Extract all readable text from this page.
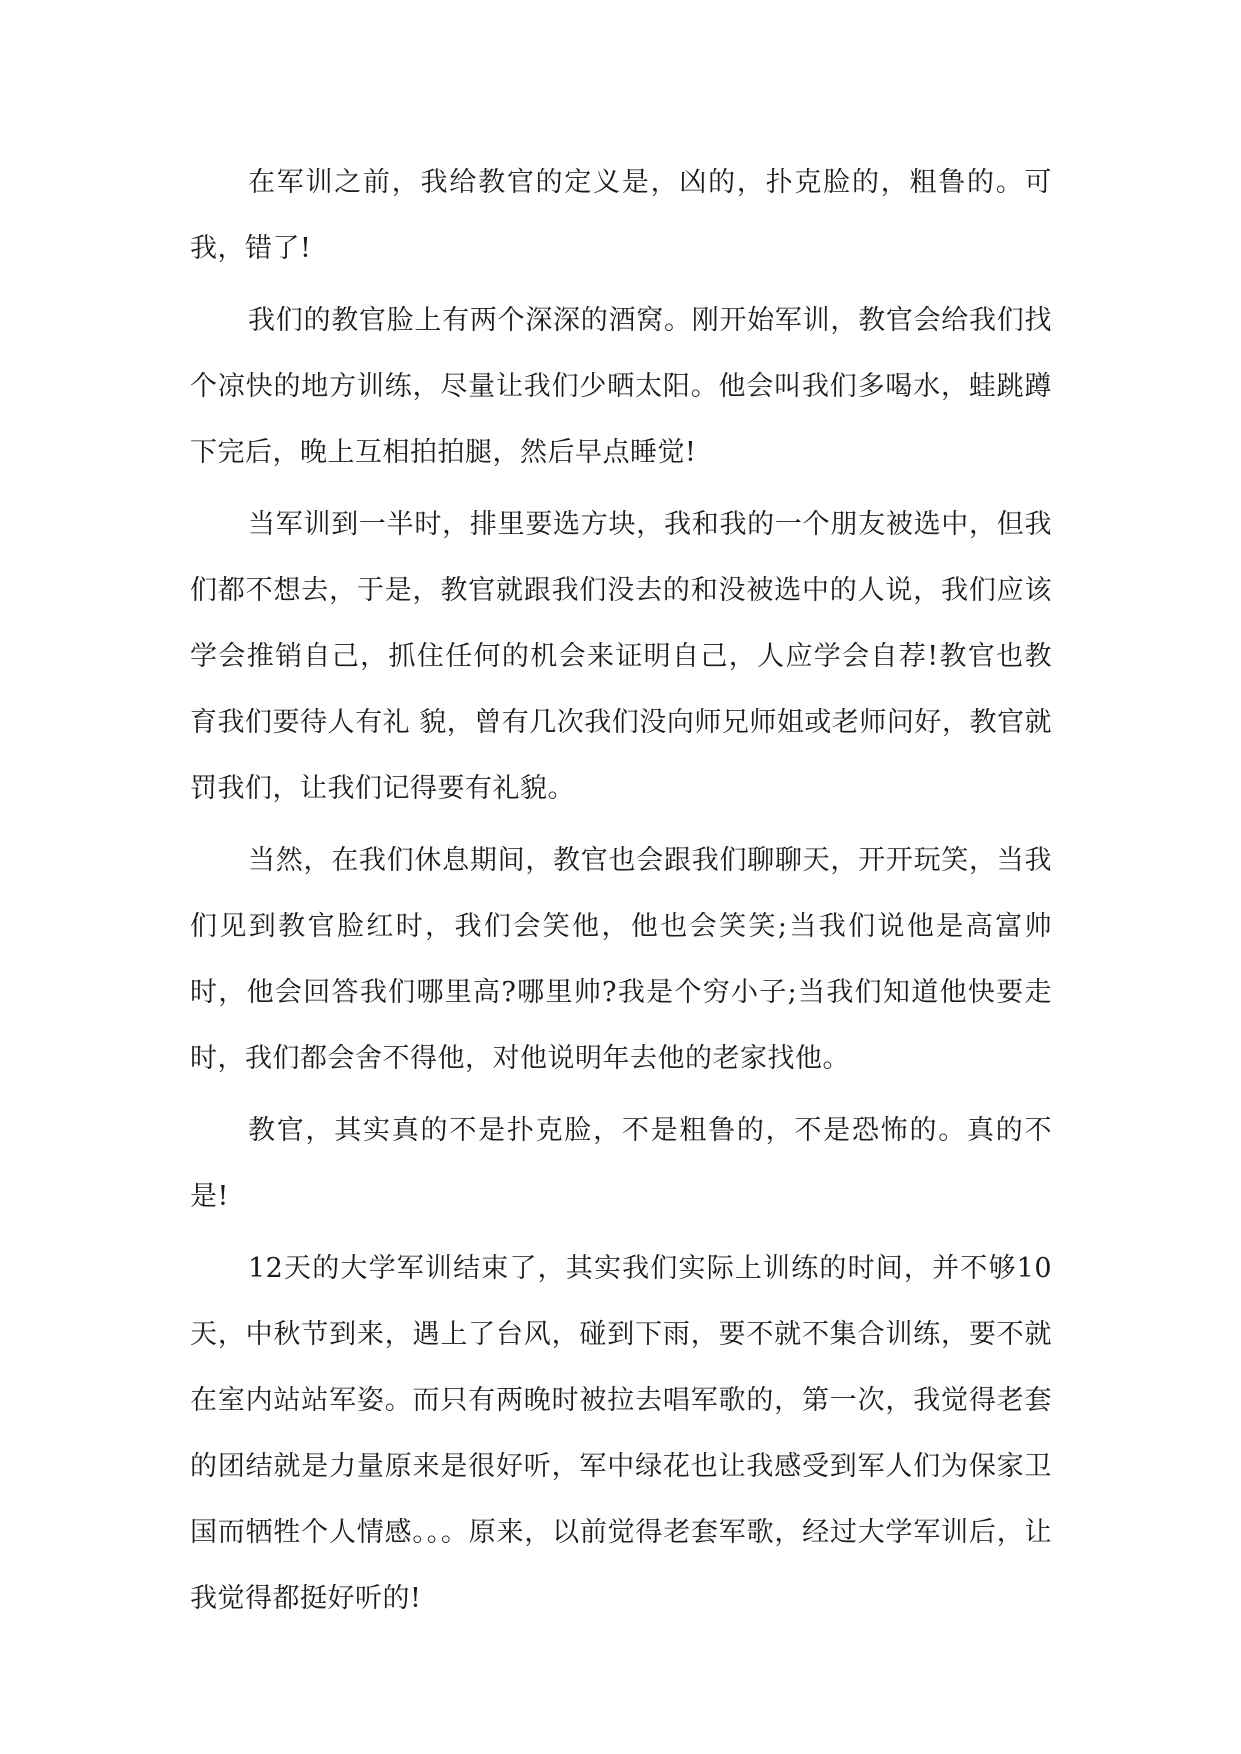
在军训之前，我给教官的定义是，凶的，扑克脸的，粗鲁的。可我，错了!

我们的教官脸上有两个深深的酒窝。刚开始军训，教官会给我们找个凉快的地方训练，尽量让我们少晒太阳。他会叫我们多喝水，蛙跳蹲下完后，晚上互相拍拍腿，然后早点睡觉!

当军训到一半时，排里要选方块，我和我的一个朋友被选中，但我们都不想去，于是，教官就跟我们没去的和没被选中的人说，我们应该学会推销自己，抓住任何的机会来证明自己，人应学会自荐!教官也教育我们要待人有礼 貌，曾有几次我们没向师兄师姐或老师问好，教官就罚我们，让我们记得要有礼貌。

当然，在我们休息期间，教官也会跟我们聊聊天，开开玩笑，当我们见到教官脸红时，我们会笑他，他也会笑笑;当我们说他是高富帅时，他会回答我们哪里高?哪里帅?我是个穷小子;当我们知道他快要走时，我们都会舍不得他，对他说明年去他的老家找他。

教官，其实真的不是扑克脸，不是粗鲁的，不是恐怖的。真的不是!

12天的大学军训结束了，其实我们实际上训练的时间，并不够10天，中秋节到来，遇上了台风，碰到下雨，要不就不集合训练，要不就在室内站站军姿。而只有两晚时被拉去唱军歌的，第一次，我觉得老套的团结就是力量原来是很好听，军中绿花也让我感受到军人们为保家卫国而牺牲个人情感。。。原来，以前觉得老套军歌，经过大学军训后，让我觉得都挺好听的!
